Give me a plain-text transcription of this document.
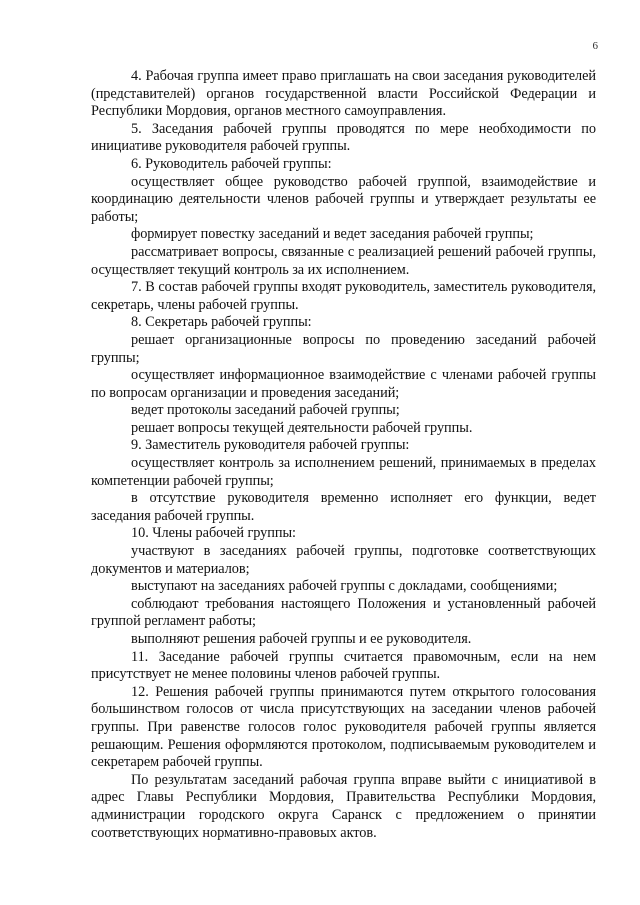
6

4. Рабочая группа имеет право приглашать на свои заседания руководителей (представителей) органов государственной власти Российской Федерации и Республики Мордовия, органов местного самоуправления.

5. Заседания рабочей группы проводятся по мере необходимости по инициативе руководителя рабочей группы.

6. Руководитель рабочей группы:

осуществляет общее руководство рабочей группой, взаимодействие и координацию деятельности членов рабочей группы и утверждает результаты ее работы;

формирует повестку заседаний и ведет заседания рабочей группы;

рассматривает вопросы, связанные с реализацией решений рабочей группы, осуществляет текущий контроль за их исполнением.

7. В состав рабочей группы входят руководитель, заместитель руководителя, секретарь, члены рабочей группы.

8. Секретарь рабочей группы:

решает организационные вопросы по проведению заседаний рабочей группы;

осуществляет информационное взаимодействие с членами рабочей группы по вопросам организации и проведения заседаний;

ведет протоколы заседаний рабочей группы;

решает вопросы текущей деятельности рабочей группы.

9. Заместитель руководителя рабочей группы:

осуществляет контроль за исполнением решений, принимаемых в пределах компетенции рабочей группы;

в отсутствие руководителя временно исполняет его функции, ведет заседания рабочей группы.

10. Члены рабочей группы:

участвуют в заседаниях рабочей группы, подготовке соответствующих документов и материалов;

выступают на заседаниях рабочей группы с докладами, сообщениями;

соблюдают требования настоящего Положения и установленный рабочей группой регламент работы;

выполняют решения рабочей группы и ее руководителя.

11. Заседание рабочей группы считается правомочным, если на нем присутствует не менее половины членов рабочей группы.

12. Решения рабочей группы принимаются путем открытого голосования большинством голосов от числа присутствующих на заседании членов рабочей группы. При равенстве голосов голос руководителя рабочей группы является решающим. Решения оформляются протоколом, подписываемым руководителем и секретарем рабочей группы.

По результатам заседаний рабочая группа вправе выйти с инициативой в адрес Главы Республики Мордовия, Правительства Республики Мордовия, администрации городского округа Саранск с предложением о принятии соответствующих нормативно-правовых актов.
